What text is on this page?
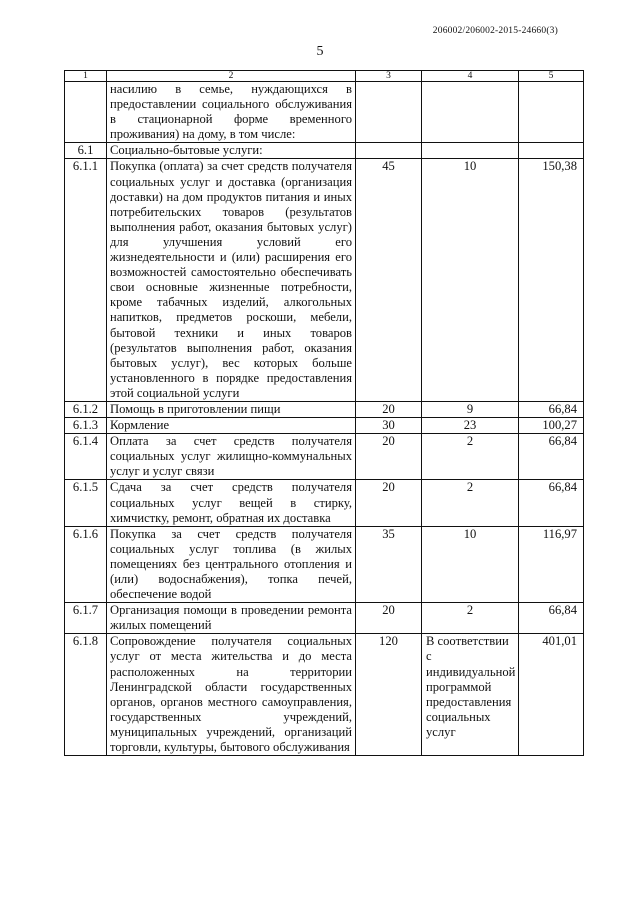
206002/206002-2015-24660(3)
5
1	2	3	4	5
	насилию в семье, нуждающихся в предоставлении социального обслуживания в стационарной форме временного проживания) на дому, в том числе:			
6.1	Социально-бытовые услуги:			
6.1.1	Покупка (оплата) за счет средств получателя социальных услуг и доставка (организация доставки) на дом продуктов питания и иных потребительских товаров (результатов выполнения работ, оказания бытовых услуг) для улучшения условий его жизнедеятельности и (или) расширения его возможностей самостоятельно обеспечивать свои основные жизненные потребности, кроме табачных изделий, алкогольных напитков, предметов роскоши, мебели, бытовой техники и иных товаров (результатов выполнения работ, оказания бытовых услуг), вес которых больше установленного в порядке предоставления этой социальной услуги	45	10	150,38
6.1.2	Помощь в приготовлении пищи	20	9	66,84
6.1.3	Кормление	30	23	100,27
6.1.4	Оплата за счет средств получателя социальных услуг жилищно-коммунальных услуг и услуг связи	20	2	66,84
6.1.5	Сдача за счет средств получателя социальных услуг вещей в стирку, химчистку, ремонт, обратная их доставка	20	2	66,84
6.1.6	Покупка за счет средств получателя социальных услуг топлива (в жилых помещениях без центрального отопления и (или) водоснабжения), топка печей, обеспечение водой	35	10	116,97
6.1.7	Организация помощи в проведении ремонта жилых помещений	20	2	66,84
6.1.8	Сопровождение получателя социальных услуг от места жительства и до места расположенных на территории Ленинградской области государственных органов, органов местного самоуправления, государственных учреждений, муниципальных учреждений, организаций торговли, культуры, бытового обслуживания	120	В соответствии с индивидуальной программой предоставления социальных услуг	401,01
